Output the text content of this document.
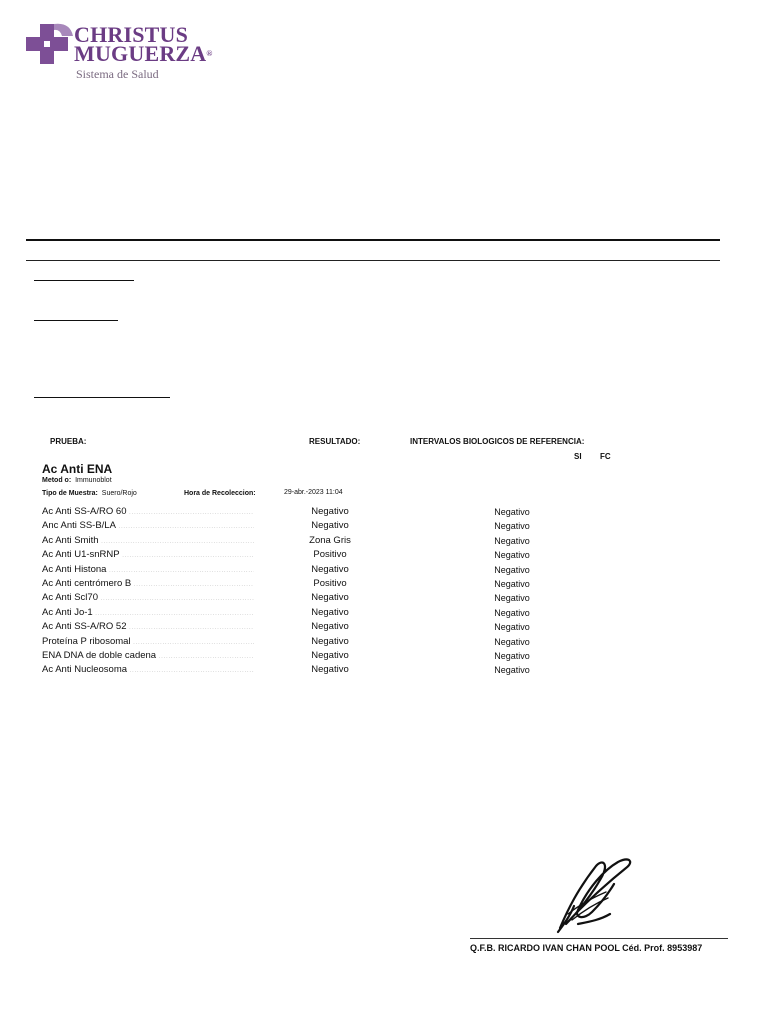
CHRISTUS
MUGUERZA®
Sistema de Salud
PRUEBA:	RESULTADO:	INTERVALOS BIOLOGICOS DE REFERENCIA:
SI FC
Ac Anti ENA
Metod o: Immunoblot
Tipo de Muestra: Suero/Rojo	Hora de Recoleccion:	29-abr.-2023 11:04
Ac Anti SS-A/RO 60 .....	Negativo	Negativo
Anc Anti SS-B/LA .....	Negativo	Negativo
Ac Anti Smith .....	Zona Gris	Negativo
Ac Anti U1-snRNP .....	Positivo	Negativo
Ac Anti Histona .....	Negativo	Negativo
Ac Anti centrómero B .....	Positivo	Negativo
Ac Anti Scl70 .....	Negativo	Negativo
Ac Anti Jo-1 .....	Negativo	Negativo
Ac Anti SS-A/RO 52 .....	Negativo	Negativo
Proteína P ribosomal .....	Negativo	Negativo
ENA DNA de doble cadena .....	Negativo	Negativo
Ac Anti Nucleosoma .....	Negativo	Negativo
Q.F.B. RICARDO IVAN CHAN POOL Céd. Prof. 8953987
